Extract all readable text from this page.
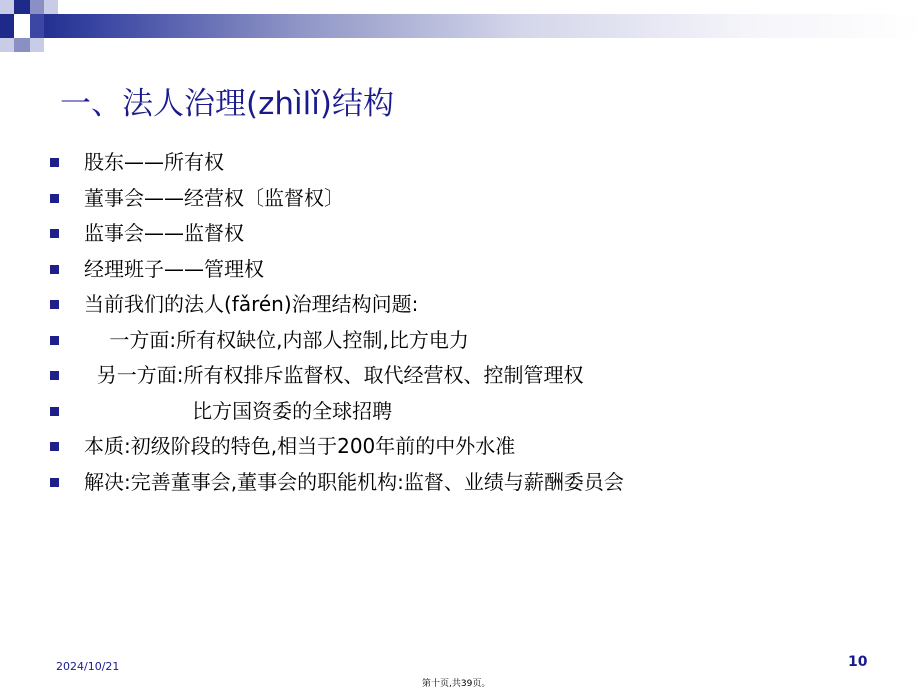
一、法人治理(zhìlǐ)结构
股东——所有权
董事会——经营权〔监督权〕
监事会——监督权
经理班子——管理权
当前我们的法人(fǎrén)治理结构问题:
一方面:所有权缺位,内部人控制,比方电力
另一方面:所有权排斥监督权、取代经营权、控制管理权
比方国资委的全球招聘
本质:初级阶段的特色,相当于200年前的中外水准
解决:完善董事会,董事会的职能机构:监督、业绩与薪酬委员会
2024/10/21	10
第十页,共39页。
